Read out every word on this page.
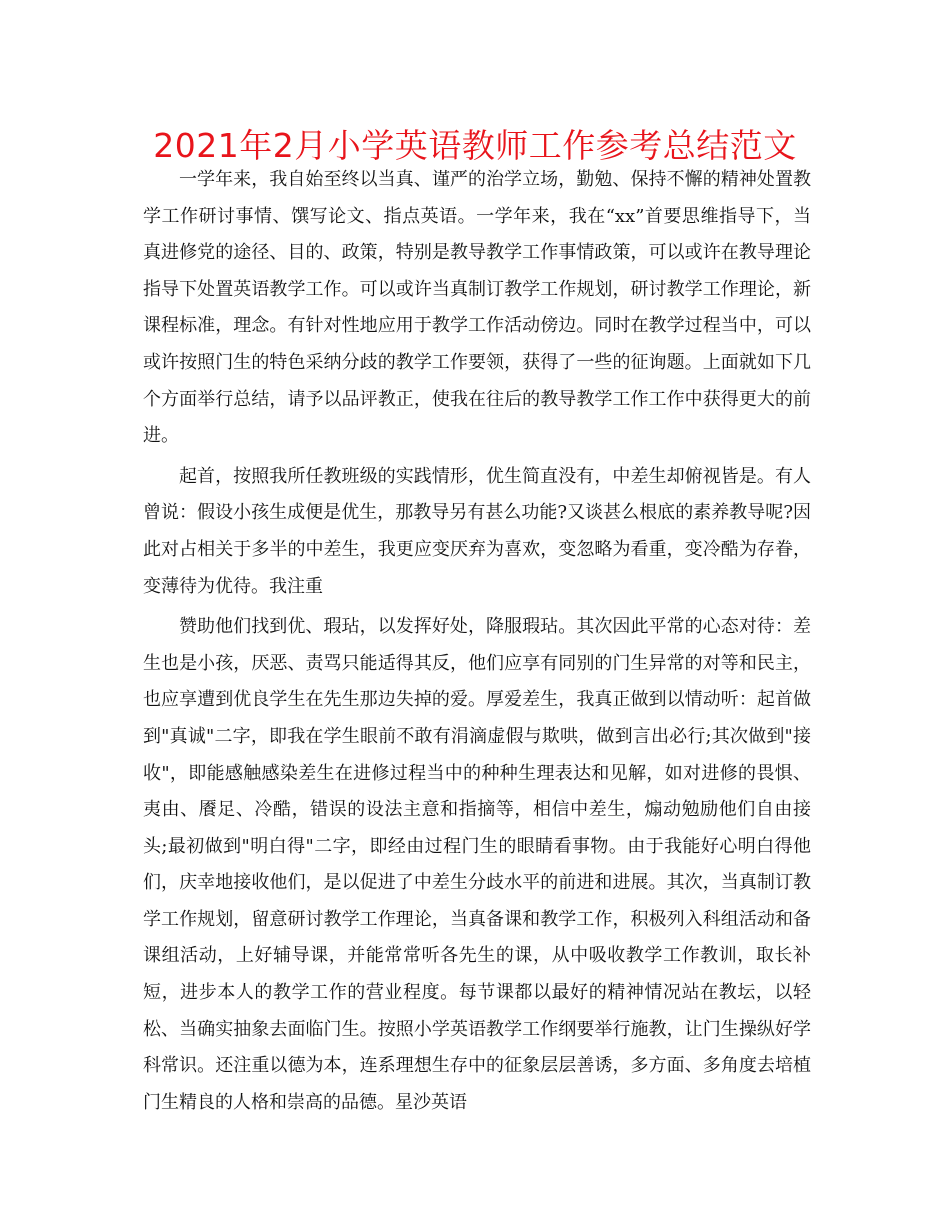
2021年2月小学英语教师工作参考总结范文

一学年来，我自始至终以当真、谨严的治学立场，勤勉、保持不懈的精神处置教学工作研讨事情、馔写论文、指点英语。一学年来，我在“xx”首要思维指导下，当真进修党的途径、目的、政策，特别是教导教学工作事情政策，可以或许在教导理论指导下处置英语教学工作。可以或许当真制订教学工作规划，研讨教学工作理论，新课程标准，理念。有针对性地应用于教学工作活动傍边。同时在教学过程当中，可以或许按照门生的特色采纳分歧的教学工作要领，获得了一些的征询题。上面就如下几个方面举行总结，请予以品评教正，使我在往后的教导教学工作工作中获得更大的前进。

起首，按照我所任教班级的实践情形，优生简直没有，中差生却俯视皆是。有人曾说：假设小孩生成便是优生，那教导另有甚么功能?又谈甚么根底的素养教导呢?因此对占相关于多半的中差生，我更应变厌弃为喜欢，变忽略为看重，变冷酷为存眷，变薄待为优待。我注重

赞助他们找到优、瑕玷，以发挥好处，降服瑕玷。其次因此平常的心态对待：差生也是小孩，厌恶、责骂只能适得其反，他们应享有同别的门生异常的对等和民主，也应享遭到优良学生在先生那边失掉的爱。厚爱差生，我真正做到以情动听：起首做到"真诚"二字，即我在学生眼前不敢有涓滴虚假与欺哄，做到言出必行;其次做到"接收"，即能感触感染差生在进修过程当中的种种生理表达和见解，如对进修的畏惧、夷由、餍足、冷酷，错误的设法主意和指摘等，相信中差生，煽动勉励他们自由接头;最初做到"明白得"二字，即经由过程门生的眼睛看事物。由于我能好心明白得他们，庆幸地接收他们，是以促进了中差生分歧水平的前进和进展。其次，当真制订教学工作规划，留意研讨教学工作理论，当真备课和教学工作，积极列入科组活动和备课组活动，上好辅导课，并能常常听各先生的课，从中吸收教学工作教训，取长补短，进步本人的教学工作的营业程度。每节课都以最好的精神情况站在教坛，以轻松、当确实抽象去面临门生。按照小学英语教学工作纲要举行施教，让门生操纵好学科常识。还注重以德为本，连系理想生存中的征象层层善诱，多方面、多角度去培植门生精良的人格和崇高的品德。星沙英语
